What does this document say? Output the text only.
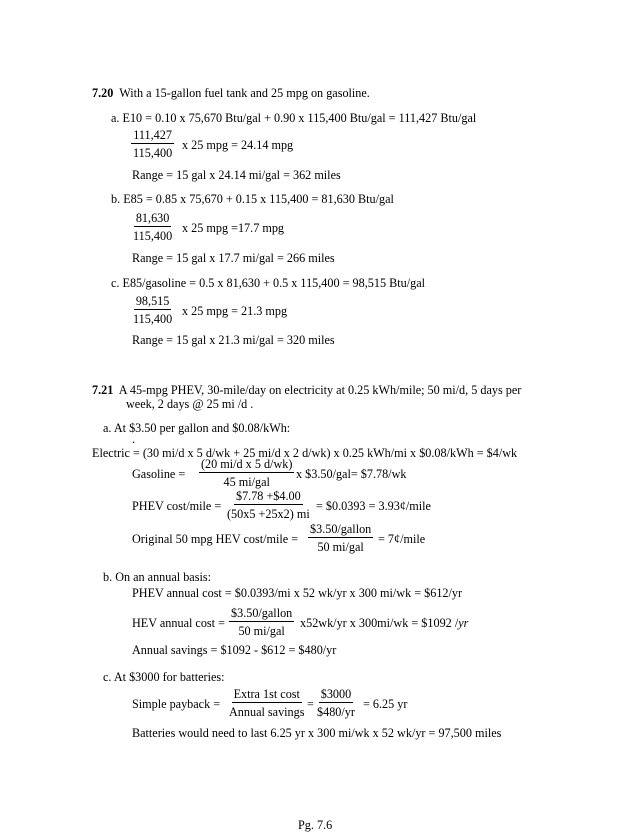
7.20 With a 15-gallon fuel tank and 25 mpg on gasoline.
a. E10 = 0.10 x 75,670 Btu/gal + 0.90 x 115,400 Btu/gal = 111,427 Btu/gal
$\frac{111,427}{115,400}$ x 25 mpg = 24.14 mpg
Range = 15 gal x 24.14 mi/gal = 362 miles
b. E85 = 0.85 x 75,670 + 0.15 x 115,400 = 81,630 Btu/gal
$\frac{81,630}{115,400}$ x 25 mpg =17.7 mpg
Range = 15 gal x 17.7 mi/gal = 266 miles
c. E85/gasoline = 0.5 x 81,630 + 0.5 x 115,400 = 98,515 Btu/gal
$\frac{98,515}{115,400}$ x 25 mpg = 21.3 mpg
Range = 15 gal x 21.3 mi/gal = 320 miles
7.21 A 45-mpg PHEV, 30-mile/day on electricity at 0.25 kWh/mile; 50 mi/d, 5 days per
week, 2 days @ 25 mi /d .
a. At $3.50 per gallon and $0.08/kWh:
.
Electric = (30 mi/d x 5 d/wk + 25 mi/d x 2 d/wk) x 0.25 kWh/mi x $0.08/kWh = $4/wk
Gasoline =
(20 mi/d x 5 d/wk)
45 mi/gal
x $3.50/gal= $7.78/wk
PHEV cost/mile = $\frac{\$7.78 +\$4.00}{(50x5 +25x2) mi}$ = $0.0393 = 3.93¢/mile
Original 50 mpg HEV cost/mile =
$3.50/gallon
50 mi/gal
= 7¢/mile
b. On an annual basis:
PHEV annual cost = $0.0393/mi x 52 wk/yr x 300 mi/wk = $612/yr
HEV annual cost =
$3.50/gallon
50 mi/gal
x52wk/yr x 300mi/wk = $1092 /yr
Annual savings = $1092 - $612 = $480/yr
c. At $3000 for batteries:
Simple payback =
Extra 1st cost
Annual savings
= $\frac{\$3000}{\$480/yr} = 6.25$ yr
Batteries would need to last 6.25 yr x 300 mi/wk x 52 wk/yr = 97,500 miles
Pg. 7.6
